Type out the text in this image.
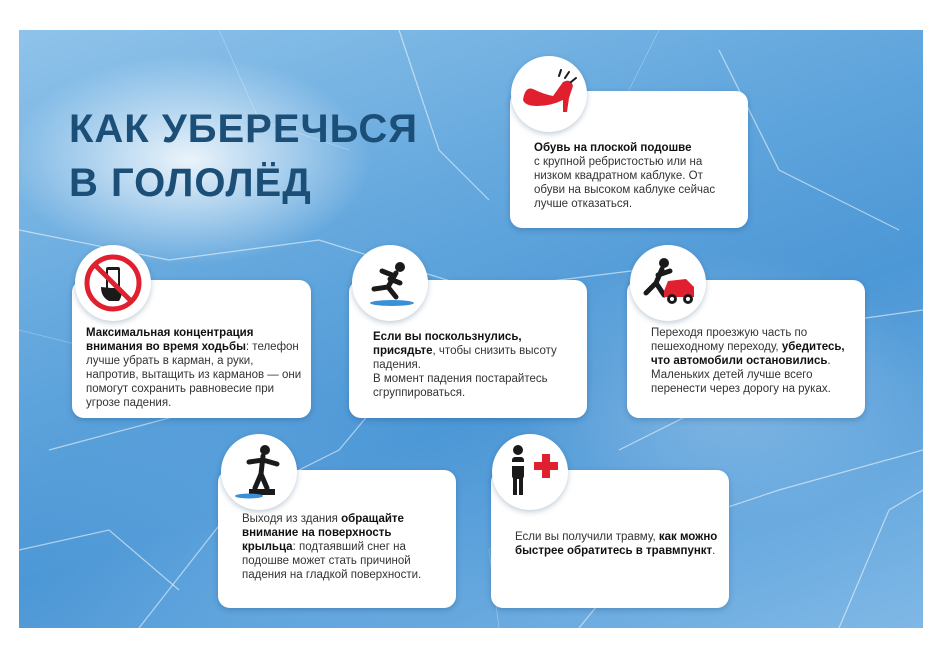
КАК УБЕРЕЧЬСЯ
В ГОЛОЛЁД
Обувь на плоской подошве
с крупной ребристостью или на низком квадратном каблуке. От обуви на высоком каблуке сейчас лучше отказаться.
Максимальная концентрация внимания во время ходьбы: телефон лучше убрать в карман, а руки, напротив, вытащить из карманов — они помогут сохранить равновесие при угрозе падения.
Если вы поскользнулись, присядьте, чтобы снизить высоту падения.
В момент падения постарайтесь сгруппироваться.
Переходя проезжую часть по пешеходному переходу, убедитесь, что автомобили остановились. Маленьких детей лучше всего перенести через дорогу на руках.
Выходя из здания обращайте внимание на поверхность крыльца: подтаявший снег на подошве может стать причиной падения на гладкой поверхности.
Если вы получили травму, как можно быстрее обратитесь в травмпункт.
